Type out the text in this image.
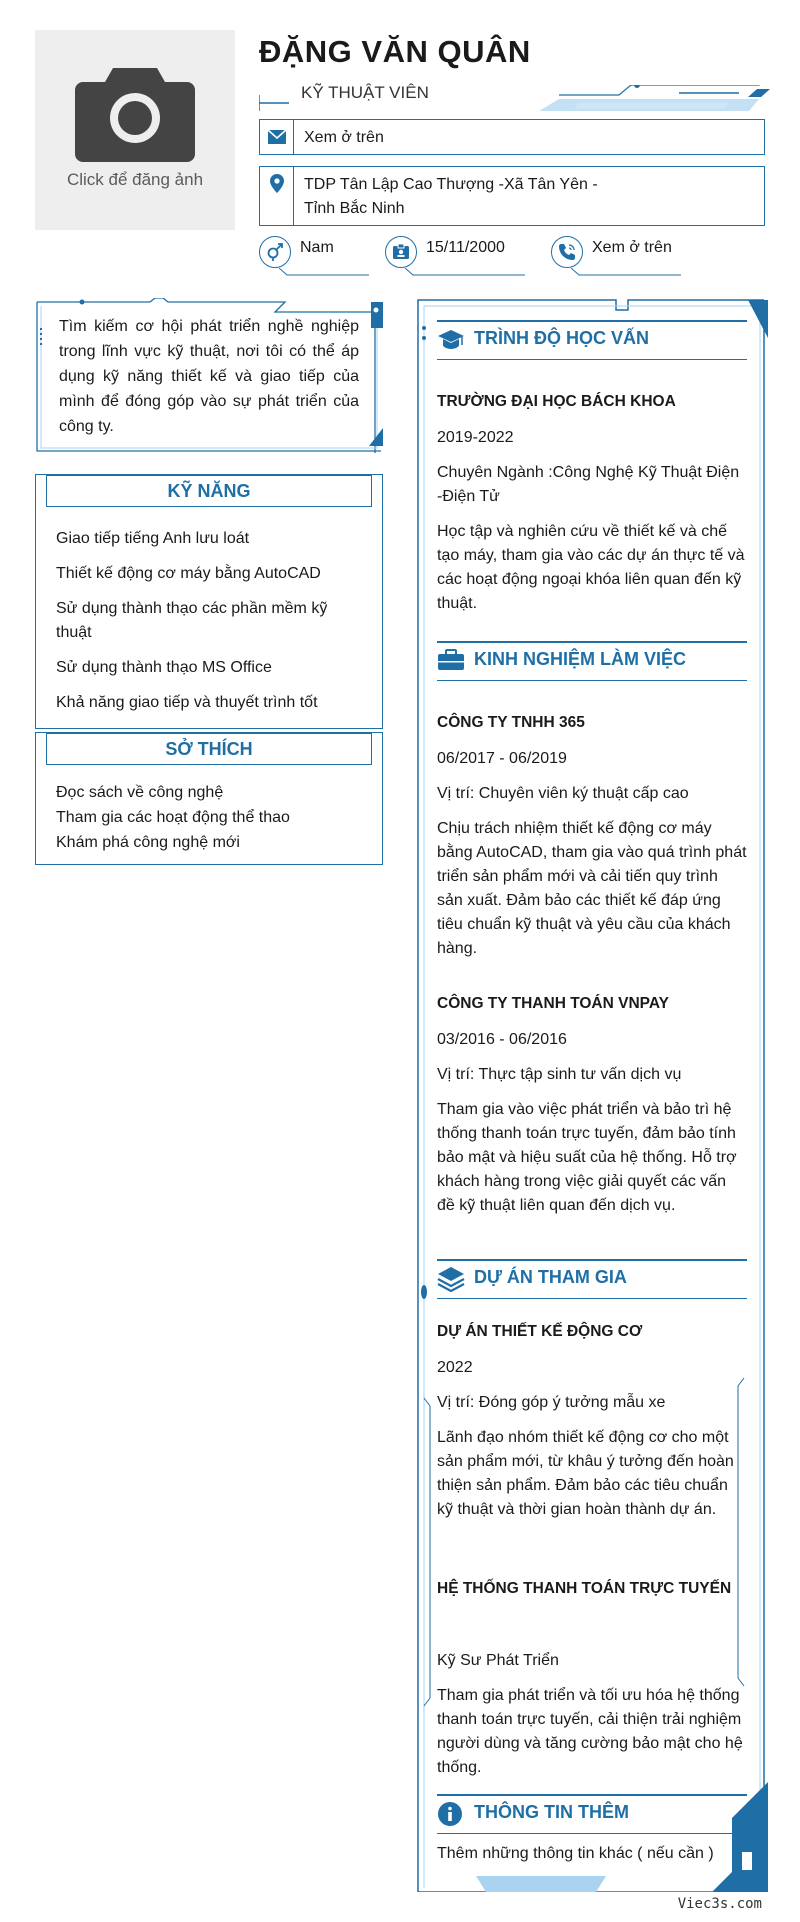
Click để đăng ảnh
ĐẶNG VĂN QUÂN
KỸ THUẬT VIÊN
Xem ở trên
TDP Tân Lập Cao Thượng -Xã Tân Yên -
Tỉnh Bắc Ninh
Nam	15/11/2000	Xem ở trên
Tìm kiếm cơ hội phát triển nghề nghiệp trong lĩnh vực kỹ thuật, nơi tôi có thể áp dụng kỹ năng thiết kế và giao tiếp của mình để đóng góp vào sự phát triển của công ty.
KỸ NĂNG
Giao tiếp tiếng Anh lưu loát
Thiết kế động cơ máy bằng AutoCAD
Sử dụng thành thạo các phần mềm kỹ thuật
Sử dụng thành thạo MS Office
Khả năng giao tiếp và thuyết trình tốt
SỞ THÍCH
Đọc sách về công nghệ
Tham gia các hoạt động thể thao
Khám phá công nghệ mới
TRÌNH ĐỘ HỌC VẤN
TRƯỜNG ĐẠI HỌC BÁCH KHOA
2019-2022
Chuyên Ngành :Công Nghệ Kỹ Thuật Điện -Điện Tử
Học tập và nghiên cứu về thiết kế và chế tạo máy, tham gia vào các dự án thực tế và các hoạt động ngoại khóa liên quan đến kỹ thuật.
KINH NGHIỆM LÀM VIỆC
CÔNG TY TNHH 365
06/2017 - 06/2019
Vị trí: Chuyên viên ký thuật cấp cao
Chịu trách nhiệm thiết kế động cơ máy bằng AutoCAD, tham gia vào quá trình phát triển sản phẩm mới và cải tiến quy trình sản xuất. Đảm bảo các thiết kế đáp ứng tiêu chuẩn kỹ thuật và yêu cầu của khách hàng.
CÔNG TY THANH TOÁN VNPAY
03/2016 - 06/2016
Vị trí: Thực tập sinh tư vấn dịch vụ
Tham gia vào việc phát triển và bảo trì hệ thống thanh toán trực tuyến, đảm bảo tính bảo mật và hiệu suất của hệ thống. Hỗ trợ khách hàng trong việc giải quyết các vấn đề kỹ thuật liên quan đến dịch vụ.
DỰ ÁN THAM GIA
DỰ ÁN THIẾT KẾ ĐỘNG CƠ
2022
Vị trí: Đóng góp ý tưởng mẫu xe
Lãnh đạo nhóm thiết kế động cơ cho một sản phẩm mới, từ khâu ý tưởng đến hoàn thiện sản phẩm. Đảm bảo các tiêu chuẩn kỹ thuật và thời gian hoàn thành dự án.
HỆ THỐNG THANH TOÁN TRỰC TUYẾN
Kỹ Sư Phát Triển
Tham gia phát triển và tối ưu hóa hệ thống thanh toán trực tuyến, cải thiện trải nghiệm người dùng và tăng cường bảo mật cho hệ thống.
THÔNG TIN THÊM
Thêm những thông tin khác ( nếu cần )
Viec3s.com
